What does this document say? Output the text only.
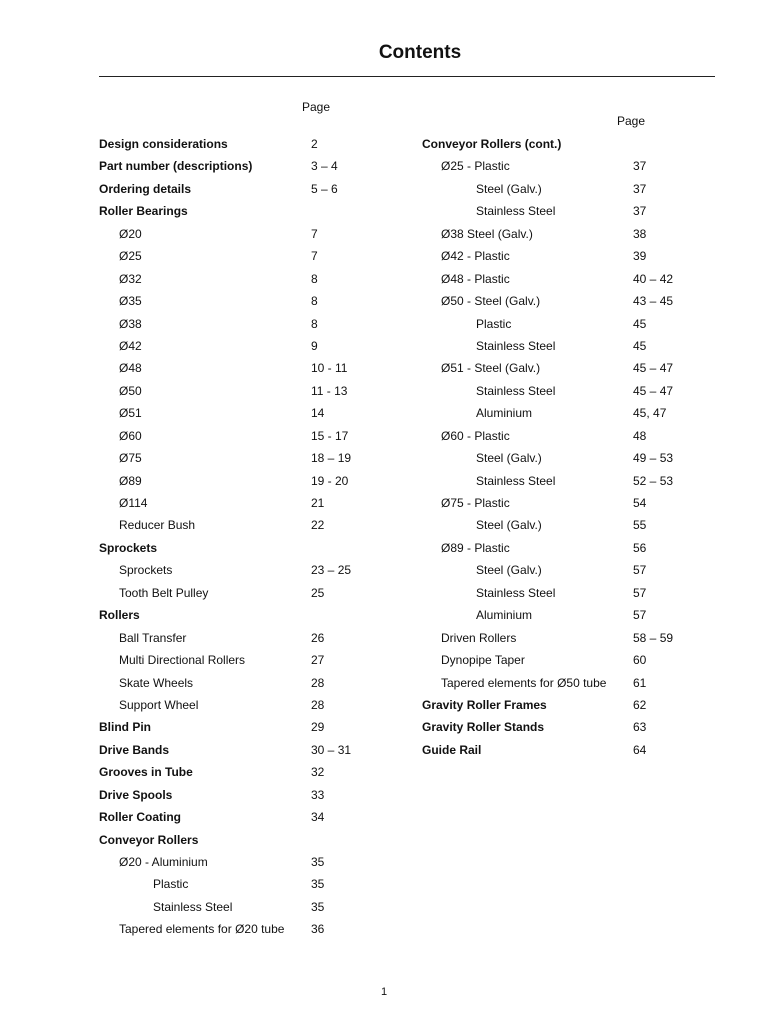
Contents
Page
Page
Design considerations	2
Part number (descriptions)	3 – 4
Ordering details	5 – 6
Roller Bearings
Ø20	7
Ø25	7
Ø32	8
Ø35	8
Ø38	8
Ø42	9
Ø48	10 - 11
Ø50	11 - 13
Ø51	14
Ø60	15 - 17
Ø75	18 – 19
Ø89	19 - 20
Ø114	21
Reducer Bush	22
Sprockets
Sprockets	23 – 25
Tooth Belt Pulley	25
Rollers
Ball Transfer	26
Multi Directional Rollers	27
Skate Wheels	28
Support Wheel	28
Blind Pin	29
Drive Bands	30 – 31
Grooves in Tube	32
Drive Spools	33
Roller Coating	34
Conveyor Rollers
Ø20 - Aluminium	35
Plastic	35
Stainless Steel	35
Tapered elements for Ø20 tube 36
Conveyor Rollers (cont.)
Ø25 - Plastic	37
Steel (Galv.)	37
Stainless Steel	37
Ø38 Steel (Galv.)	38
Ø42 - Plastic	39
Ø48 - Plastic	40 – 42
Ø50 - Steel (Galv.)	43 – 45
Plastic	45
Stainless Steel	45
Ø51 - Steel (Galv.)	45 – 47
Stainless Steel	45 – 47
Aluminium	45, 47
Ø60 - Plastic	48
Steel (Galv.)	49 – 53
Stainless Steel	52 – 53
Ø75 - Plastic	54
Steel (Galv.)	55
Ø89 - Plastic	56
Steel (Galv.)	57
Stainless Steel	57
Aluminium	57
Driven Rollers	58 – 59
Dynopipe Taper	60
Tapered elements for Ø50 tube 61
Gravity Roller Frames	62
Gravity Roller Stands	63
Guide Rail	64
1
